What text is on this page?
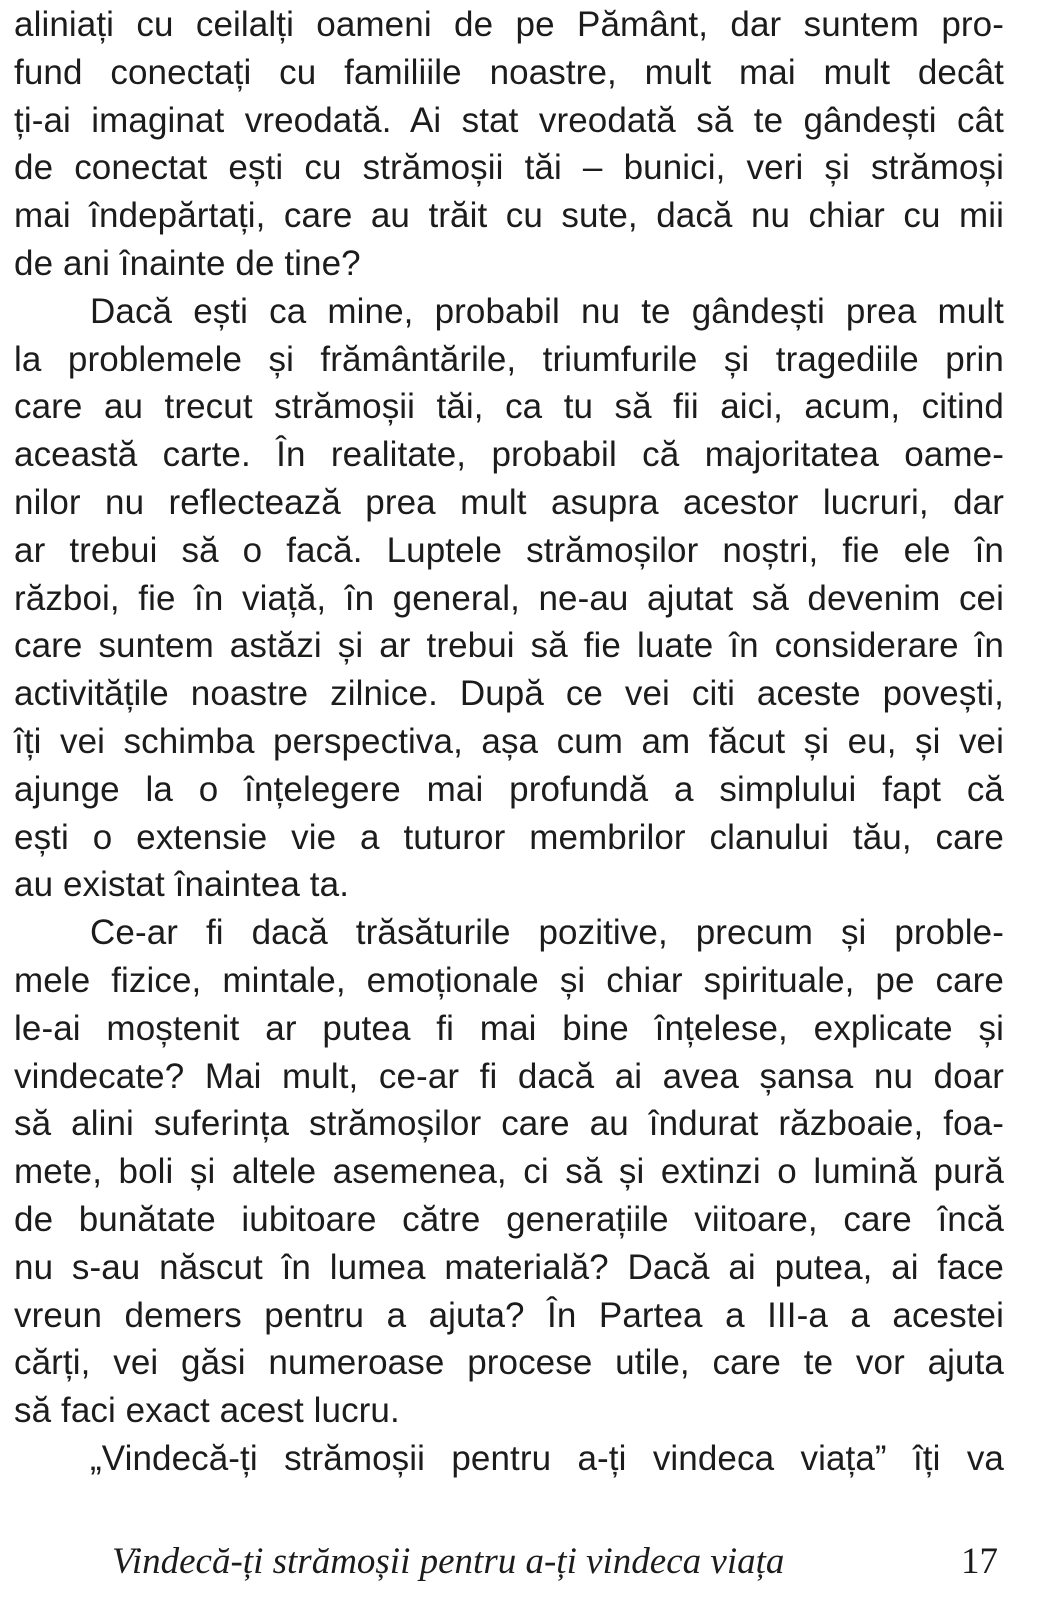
aliniați cu ceilalți oameni de pe Pământ, dar suntem pro-
fund conectați cu familiile noastre, mult mai mult decât
ți-ai imaginat vreodată. Ai stat vreodată să te gândești cât
de conectat ești cu strămoșii tăi – bunici, veri și strămoși
mai îndepărtați, care au trăit cu sute, dacă nu chiar cu mii
de ani înainte de tine?
Dacă ești ca mine, probabil nu te gândești prea mult
la problemele și frământările, triumfurile și tragediile prin
care au trecut strămoșii tăi, ca tu să fii aici, acum, citind
această carte. În realitate, probabil că majoritatea oame-
nilor nu reflectează prea mult asupra acestor lucruri, dar
ar trebui să o facă. Luptele strămoșilor noștri, fie ele în
război, fie în viață, în general, ne-au ajutat să devenim cei
care suntem astăzi și ar trebui să fie luate în considerare în
activitățile noastre zilnice. După ce vei citi aceste povești,
îți vei schimba perspectiva, așa cum am făcut și eu, și vei
ajunge la o înțelegere mai profundă a simplului fapt că
ești o extensie vie a tuturor membrilor clanului tău, care
au existat înaintea ta.
Ce-ar fi dacă trăsăturile pozitive, precum și proble-
mele fizice, mintale, emoționale și chiar spirituale, pe care
le-ai moștenit ar putea fi mai bine înțelese, explicate și
vindecate? Mai mult, ce-ar fi dacă ai avea șansa nu doar
să alini suferința strămoșilor care au îndurat războaie, foa-
mete, boli și altele asemenea, ci să și extinzi o lumină pură
de bunătate iubitoare către generațiile viitoare, care încă
nu s-au născut în lumea materială? Dacă ai putea, ai face
vreun demers pentru a ajuta? În Partea a III-a a acestei
cărți, vei găsi numeroase procese utile, care te vor ajuta
să faci exact acest lucru.
„Vindecă-ți strămoșii pentru a-ți vindeca viața” îți va
Vindecă-ți strămoșii pentru a-ți vindeca viața	17
